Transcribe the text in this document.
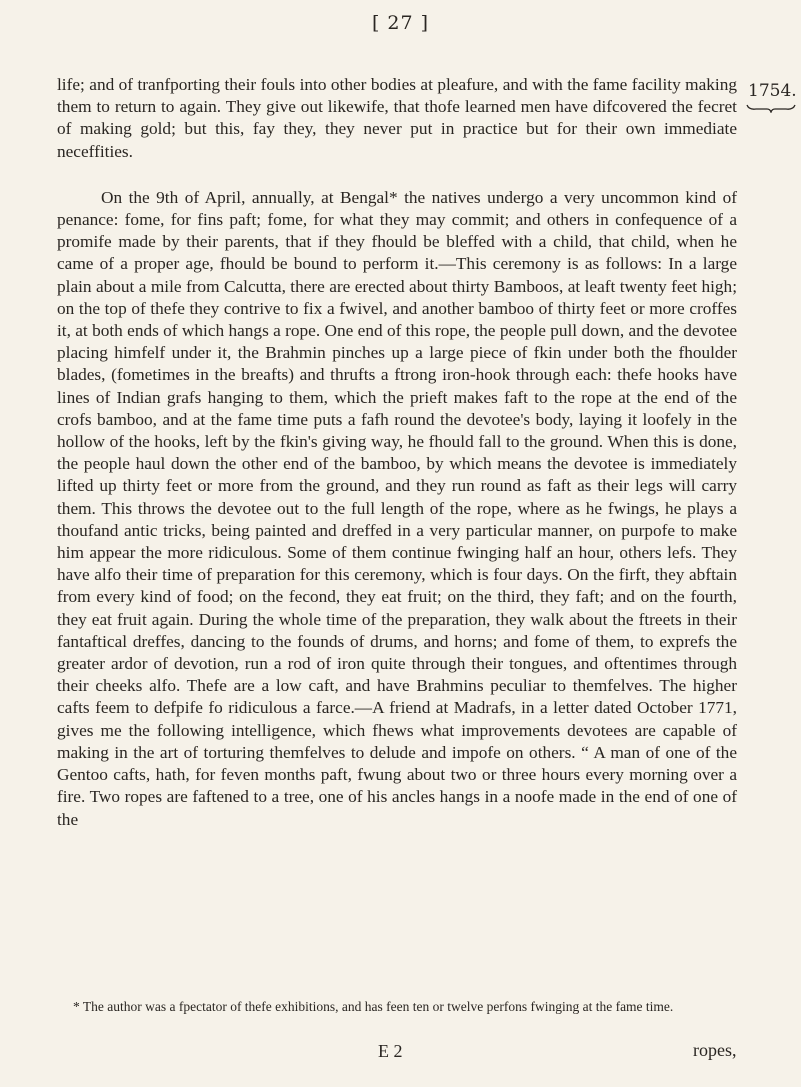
[ 27 ]
1754.

life; and of tranfporting their fouls into other bodies at pleafure, and with the fame facility making them to return to again. They give out likewife, that thofe learned men have difcovered the fecret of making gold; but this, fay they, they never put in practice but for their own immediate neceffities.

On the 9th of April, annually, at Bengal* the natives undergo a very uncommon kind of penance: fome, for fins paft; fome, for what they may commit; and others in confequence of a promife made by their parents, that if they fhould be bleffed with a child, that child, when he came of a proper age, fhould be bound to perform it.—This ceremony is as follows: In a large plain about a mile from Calcutta, there are erected about thirty Bamboos, at leaft twenty feet high; on the top of thefe they contrive to fix a fwivel, and another bamboo of thirty feet or more croffes it, at both ends of which hangs a rope. One end of this rope, the people pull down, and the devotee placing himfelf under it, the Brahmin pinches up a large piece of fkin under both the fhoulder blades, (fometimes in the breafts) and thrufts a ftrong iron-hook through each: thefe hooks have lines of Indian grafs hanging to them, which the prieft makes faft to the rope at the end of the crofs bamboo, and at the fame time puts a fafh round the devotee's body, laying it loofely in the hollow of the hooks, left by the fkin's giving way, he fhould fall to the ground. When this is done, the people haul down the other end of the bamboo, by which means the devotee is immediately lifted up thirty feet or more from the ground, and they run round as faft as their legs will carry them. This throws the devotee out to the full length of the rope, where as he fwings, he plays a thoufand antic tricks, being painted and dreffed in a very particular manner, on purpofe to make him appear the more ridiculous. Some of them continue fwinging half an hour, others lefs. They have alfo their time of preparation for this ceremony, which is four days. On the firft, they abftain from every kind of food; on the fecond, they eat fruit; on the third, they faft; and on the fourth, they eat fruit again. During the whole time of the preparation, they walk about the ftreets in their fantaftical dreffes, dancing to the founds of drums, and horns; and fome of them, to exprefs the greater ardor of devotion, run a rod of iron quite through their tongues, and oftentimes through their cheeks alfo. Thefe are a low caft, and have Brahmins peculiar to themfelves. The higher cafts feem to defpife fo ridiculous a farce.—A friend at Madrafs, in a letter dated October 1771, gives me the following intelligence, which fhews what improvements devotees are capable of making in the art of torturing themfelves to delude and impofe on others. “ A man of one of the Gentoo cafts, hath, for feven months paft, fwung about two or three hours every morning over a fire. Two ropes are faftened to a tree, one of his ancles hangs in a noofe made in the end of one of the

* The author was a fpectator of thefe exhibitions, and has feen ten or twelve perfons fwinging at the fame time.
E 2	ropes,
